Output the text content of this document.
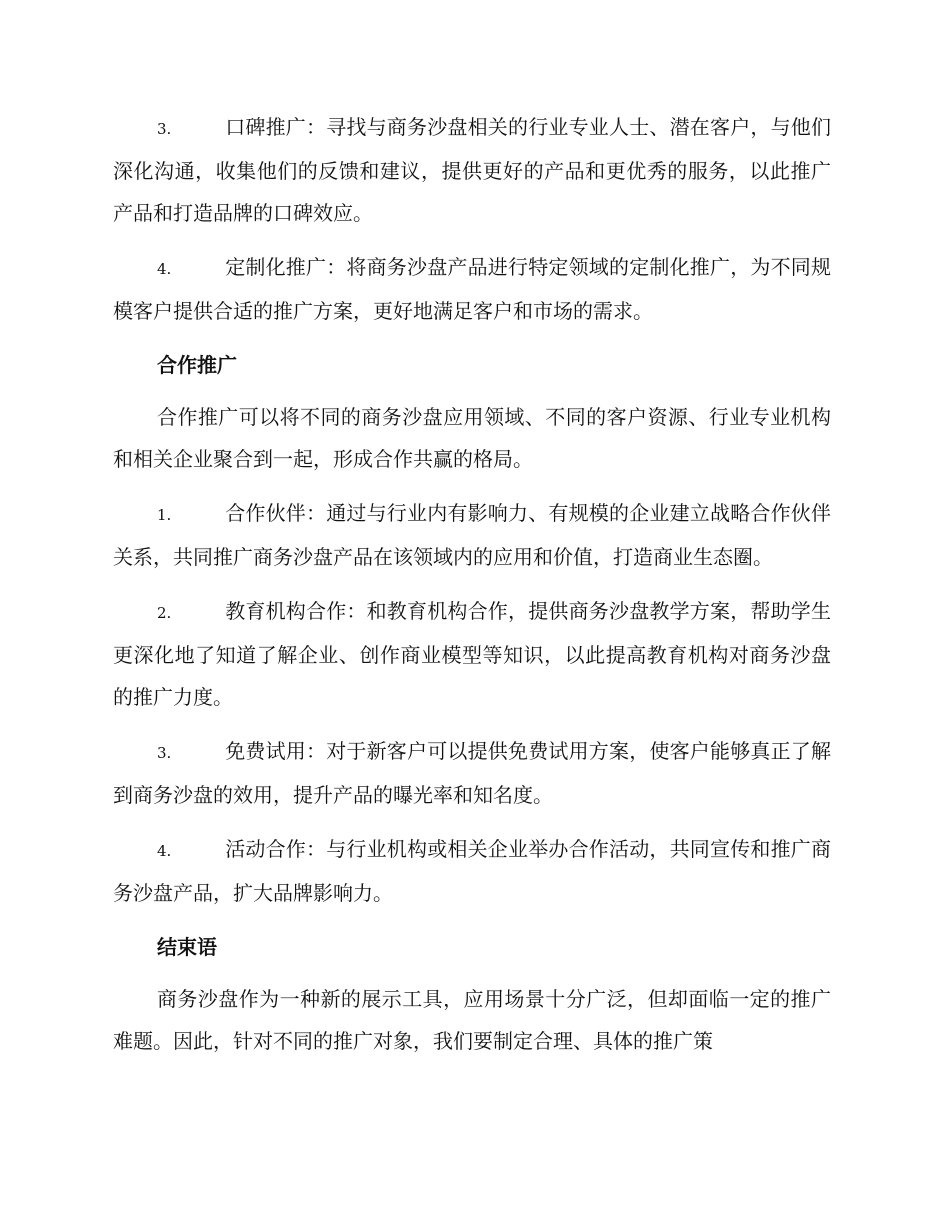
3.	口碑推广：寻找与商务沙盘相关的行业专业人士、潜在客户，与他们深化沟通，收集他们的反馈和建议，提供更好的产品和更优秀的服务，以此推广产品和打造品牌的口碑效应。

4.	定制化推广：将商务沙盘产品进行特定领域的定制化推广，为不同规模客户提供合适的推广方案，更好地满足客户和市场的需求。

合作推广

合作推广可以将不同的商务沙盘应用领域、不同的客户资源、行业专业机构和相关企业聚合到一起，形成合作共赢的格局。

1.	合作伙伴：通过与行业内有影响力、有规模的企业建立战略合作伙伴关系，共同推广商务沙盘产品在该领域内的应用和价值，打造商业生态圈。

2.	教育机构合作：和教育机构合作，提供商务沙盘教学方案，帮助学生更深化地了知道了解企业、创作商业模型等知识，以此提高教育机构对商务沙盘的推广力度。

3.	免费试用：对于新客户可以提供免费试用方案，使客户能够真正了解到商务沙盘的效用，提升产品的曝光率和知名度。

4.	活动合作：与行业机构或相关企业举办合作活动，共同宣传和推广商务沙盘产品，扩大品牌影响力。

结束语

商务沙盘作为一种新的展示工具，应用场景十分广泛，但却面临一定的推广难题。因此，针对不同的推广对象，我们要制定合理、具体的推广策
